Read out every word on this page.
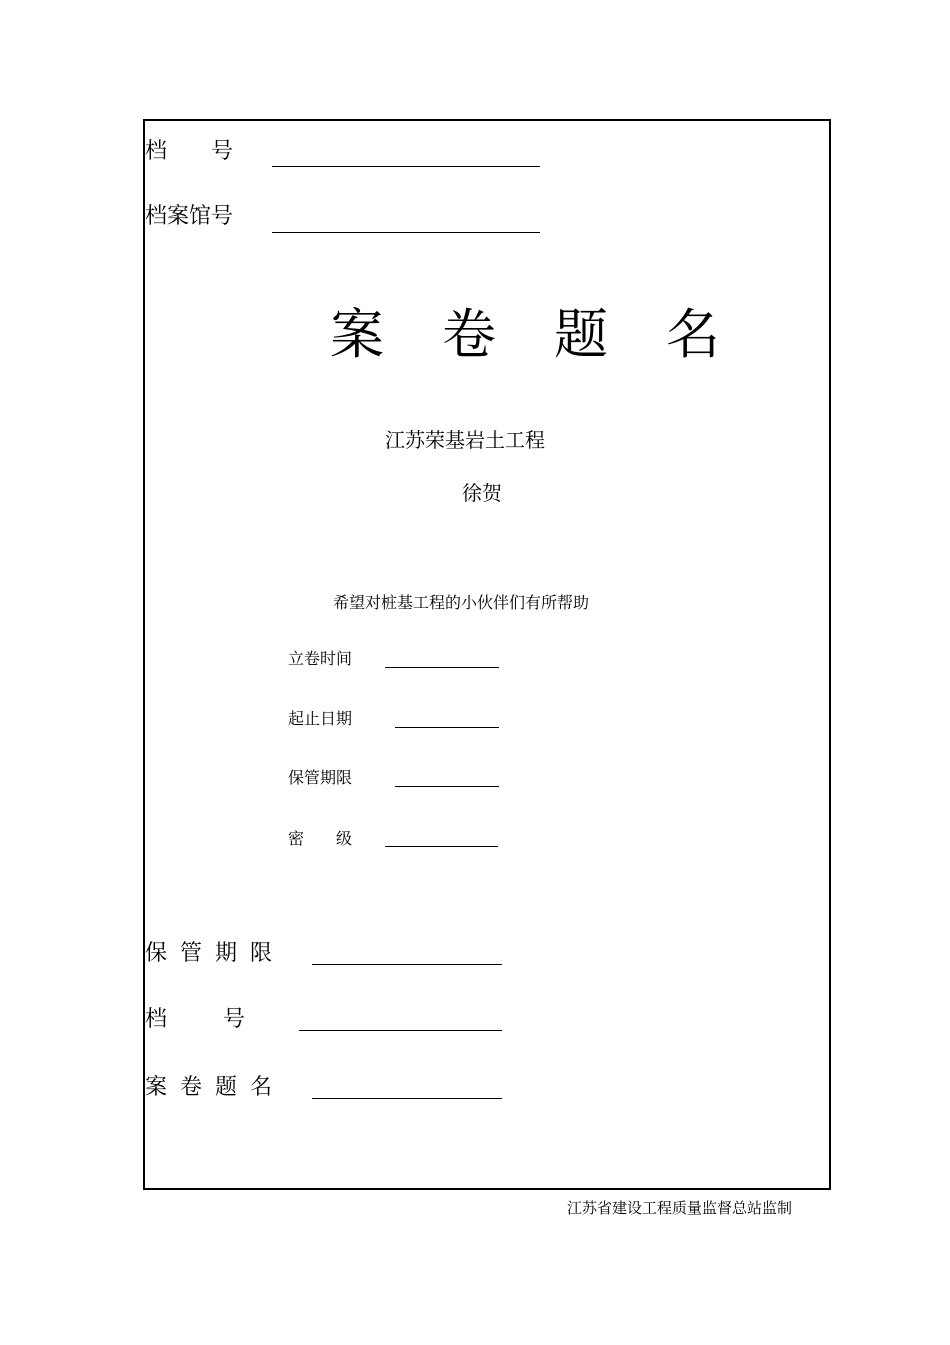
档　　号
档案馆号
案　卷　题　名
江苏荣基岩土工程
徐贺
希望对桩基工程的小伙伴们有所帮助
立卷时间
起止日期
保管期限
密　　级
保 管 期 限
档　　号
案 卷 题 名
江苏省建设工程质量监督总站监制
